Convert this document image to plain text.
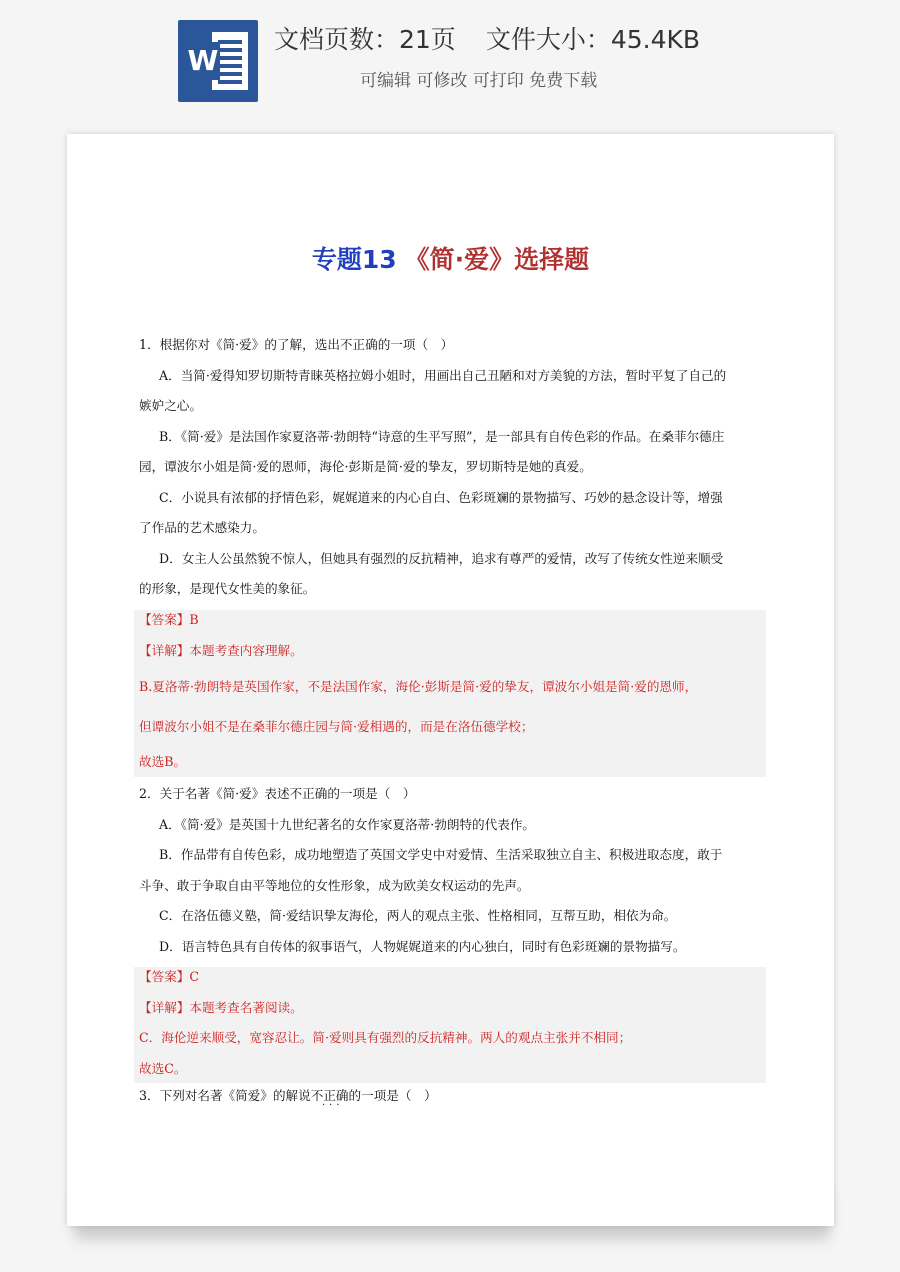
W
文档页数：21页 文件大小：45.4KB
可编辑 可修改 可打印 免费下载
专题13 《简·爱》选择题
1．根据你对《简·爱》的了解，选出不正确的一项（　）
A．当简·爱得知罗切斯特青睐英格拉姆小姐时，用画出自己丑陋和对方美貌的方法，暂时平复了自己的
嫉妒之心。
B．《简·爱》是法国作家夏洛蒂·勃朗特“诗意的生平写照”，是一部具有自传色彩的作品。在桑菲尔德庄
园，谭波尔小姐是简·爱的恩师，海伦·彭斯是简·爱的挚友，罗切斯特是她的真爱。
C．小说具有浓郁的抒情色彩，娓娓道来的内心自白、色彩斑斓的景物描写、巧妙的悬念设计等，增强
了作品的艺术感染力。
D．女主人公虽然貌不惊人，但她具有强烈的反抗精神，追求有尊严的爱情，改写了传统女性逆来顺受
的形象，是现代女性美的象征。
【答案】B
【详解】本题考查内容理解。
B.夏洛蒂·勃朗特是英国作家，不是法国作家，海伦·彭斯是简·爱的挚友，谭波尔小姐是简·爱的恩师，
但谭波尔小姐不是在桑菲尔德庄园与简·爱相遇的，而是在洛伍德学校；
故选B。
2．关于名著《简·爱》表述不正确的一项是（　）
A．《简·爱》是英国十九世纪著名的女作家夏洛蒂·勃朗特的代表作。
B．作品带有自传色彩，成功地塑造了英国文学史中对爱情、生活采取独立自主、积极进取态度，敢于
斗争、敢于争取自由平等地位的女性形象，成为欧美女权运动的先声。
C．在洛伍德义塾，简·爱结识挚友海伦，两人的观点主张、性格相同，互帮互助，相依为命。
D．语言特色具有自传体的叙事语气，人物娓娓道来的内心独白，同时有色彩斑斓的景物描写。
【答案】C
【详解】本题考查名著阅读。
C．海伦逆来顺受，宽容忍让。简·爱则具有强烈的反抗精神。两人的观点主张并不相同；
故选C。
3．下列对名著《简爱》的解说不正确的一项是（　）
···
